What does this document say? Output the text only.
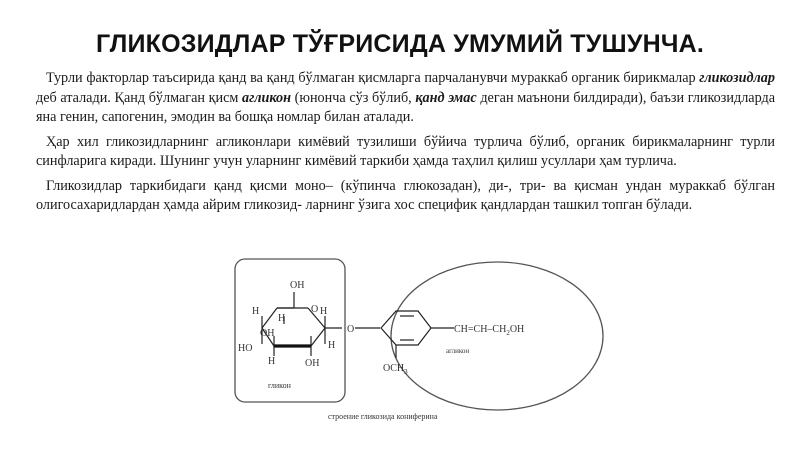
ГЛИКОЗИДЛАР ТЎҒРИСИДА УМУМИЙ ТУШУНЧА.

Турли факторлар таъсирида қанд ва қанд бўлмаган қисмларга парчаланувчи мураккаб органик бирикмалар гликозидлар деб аталади. Қанд бўлмаган қисм агликон (юнонча сўз бўлиб, қанд эмас деган маънони билдиради), баъзи гликозидларда яна генин, сапогенин, эмодин ва бошқа номлар билан аталади.

Ҳар хил гликозидларнинг агликонлари кимёвий тузилиши бўйича турлича бўлиб, органик бирикмаларнинг турли синфларига киради. Шунинг учун уларнинг кимёвий таркиби ҳамда таҳлил қилиш усуллари ҳам турлича.

Гликозидлар таркибидаги қанд қисми моно– (кўпинча глюкозадан), ди-, три- ва қисман ундан мураккаб бўлган олигосахаридлардан ҳамда айрим гликозид- ларнинг ўзига хос специфик қандлардан ташкил топган бўлади.

OH
O
H
H
OH
H
HO
H	OH
H
O
гликон
$CH=CH-CH_2OH$
агликон
$OCH_3$
строение гликозида кониферина
